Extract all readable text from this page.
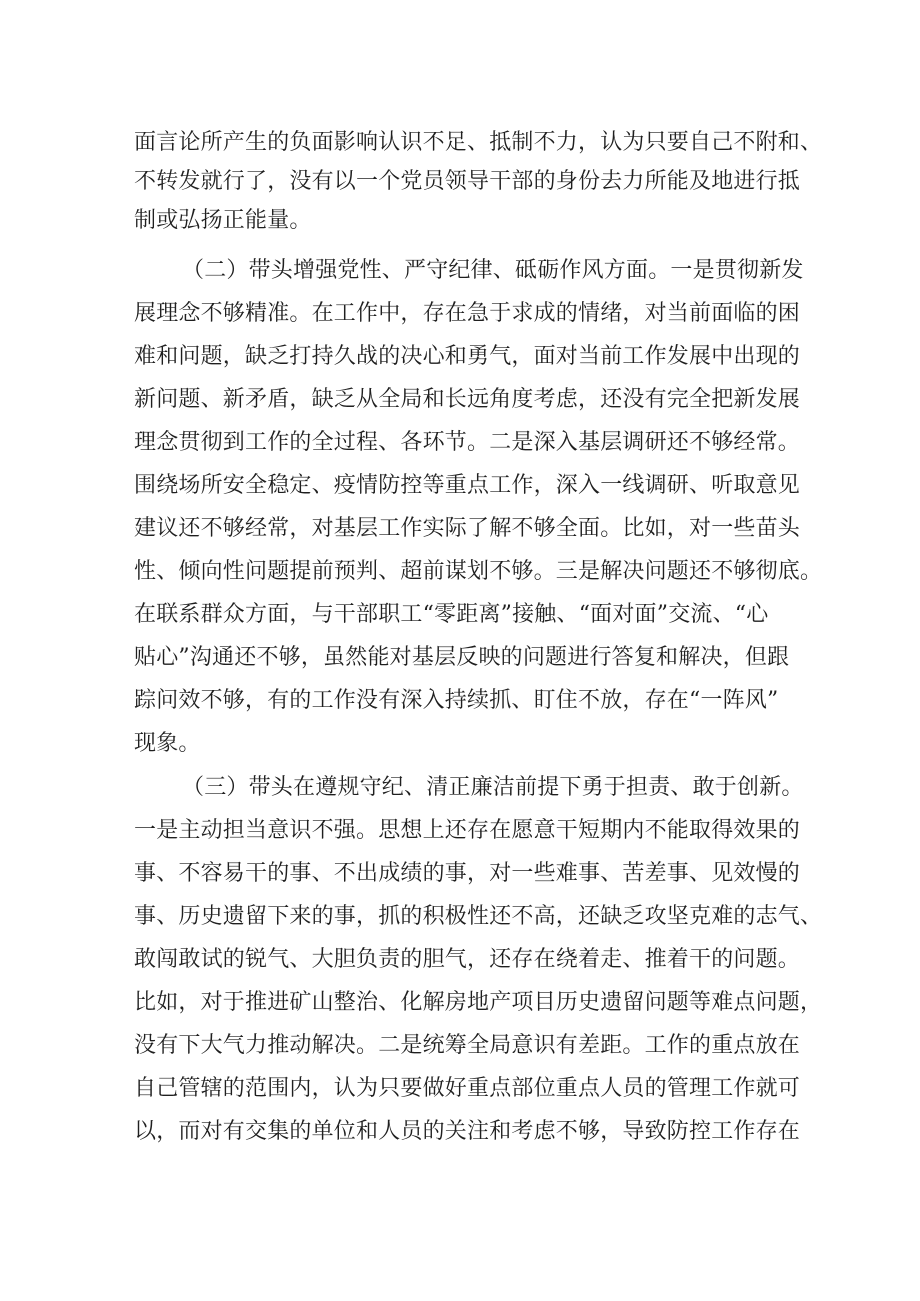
面言论所产生的负面影响认识不足、抵制不力，认为只要自己不附和、
不转发就行了，没有以一个党员领导干部的身份去力所能及地进行抵
制或弘扬正能量。
（二）带头增强党性、严守纪律、砥砺作风方面。一是贯彻新发
展理念不够精准。在工作中，存在急于求成的情绪，对当前面临的困
难和问题，缺乏打持久战的决心和勇气，面对当前工作发展中出现的
新问题、新矛盾，缺乏从全局和长远角度考虑，还没有完全把新发展
理念贯彻到工作的全过程、各环节。二是深入基层调研还不够经常。
围绕场所安全稳定、疫情防控等重点工作，深入一线调研、听取意见
建议还不够经常，对基层工作实际了解不够全面。比如，对一些苗头
性、倾向性问题提前预判、超前谋划不够。三是解决问题还不够彻底。
在联系群众方面，与干部职工“零距离”接触、“面对面”交流、“心
贴心”沟通还不够，虽然能对基层反映的问题进行答复和解决，但跟
踪问效不够，有的工作没有深入持续抓、盯住不放，存在“一阵风”
现象。
（三）带头在遵规守纪、清正廉洁前提下勇于担责、敢于创新。
一是主动担当意识不强。思想上还存在愿意干短期内不能取得效果的
事、不容易干的事、不出成绩的事，对一些难事、苦差事、见效慢的
事、历史遗留下来的事，抓的积极性还不高，还缺乏攻坚克难的志气、
敢闯敢试的锐气、大胆负责的胆气，还存在绕着走、推着干的问题。
比如，对于推进矿山整治、化解房地产项目历史遗留问题等难点问题，
没有下大气力推动解决。二是统筹全局意识有差距。工作的重点放在
自己管辖的范围内，认为只要做好重点部位重点人员的管理工作就可
以，而对有交集的单位和人员的关注和考虑不够，导致防控工作存在
